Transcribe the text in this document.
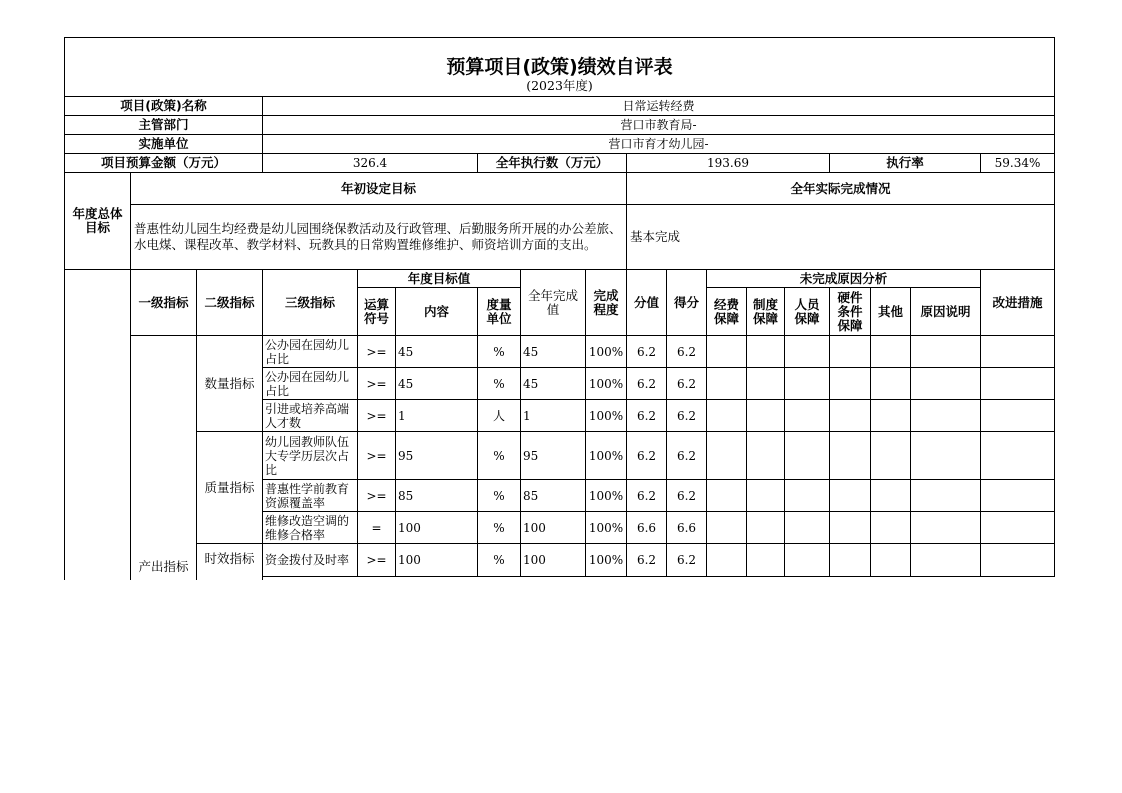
预算项目(政策)绩效自评表																	
(2023年度)																	
项目(政策)名称			日常运转经费														
主管部门			营口市教育局-														
实施单位			营口市育才幼儿园-														
项目预算金额（万元）			326.4			全年执行数（万元）			193.69					执行率			59.34%
年度总体目标	年初设定目标								全年实际完成情况								
	普惠性幼儿园生均经费是幼儿园围绕保教活动及行政管理、后勤服务所开展的办公差旅、水电煤、课程改革、教学材料、玩教具的日常购置维修维护、师资培训方面的支出。								基本完成								
	一级指标	二级指标	三级指标	年度目标值			全年完成值	完成程度	分值	得分	未完成原因分析						改进措施
				运算符号	内容	度量单位					经费保障	制度保障	人员保障	硬件条件保障	其他	原因说明	
	产出指标	数量指标	公办园在园幼儿占比	>=	45	%	45	100%	6.2	6.2							
			公办园在园幼儿占比	>=	45	%	45	100%	6.2	6.2							
			引进或培养高端人才数	>=	1	人	1	100%	6.2	6.2							
		质量指标	幼儿园教师队伍大专学历层次占比	>=	95	%	95	100%	6.2	6.2							
			普惠性学前教育资源覆盖率	>=	85	%	85	100%	6.2	6.2							
			维修改造空调的维修合格率	=	100	%	100	100%	6.6	6.6							
		时效指标	资金拨付及时率	>=	100	%	100	100%	6.2	6.2							
